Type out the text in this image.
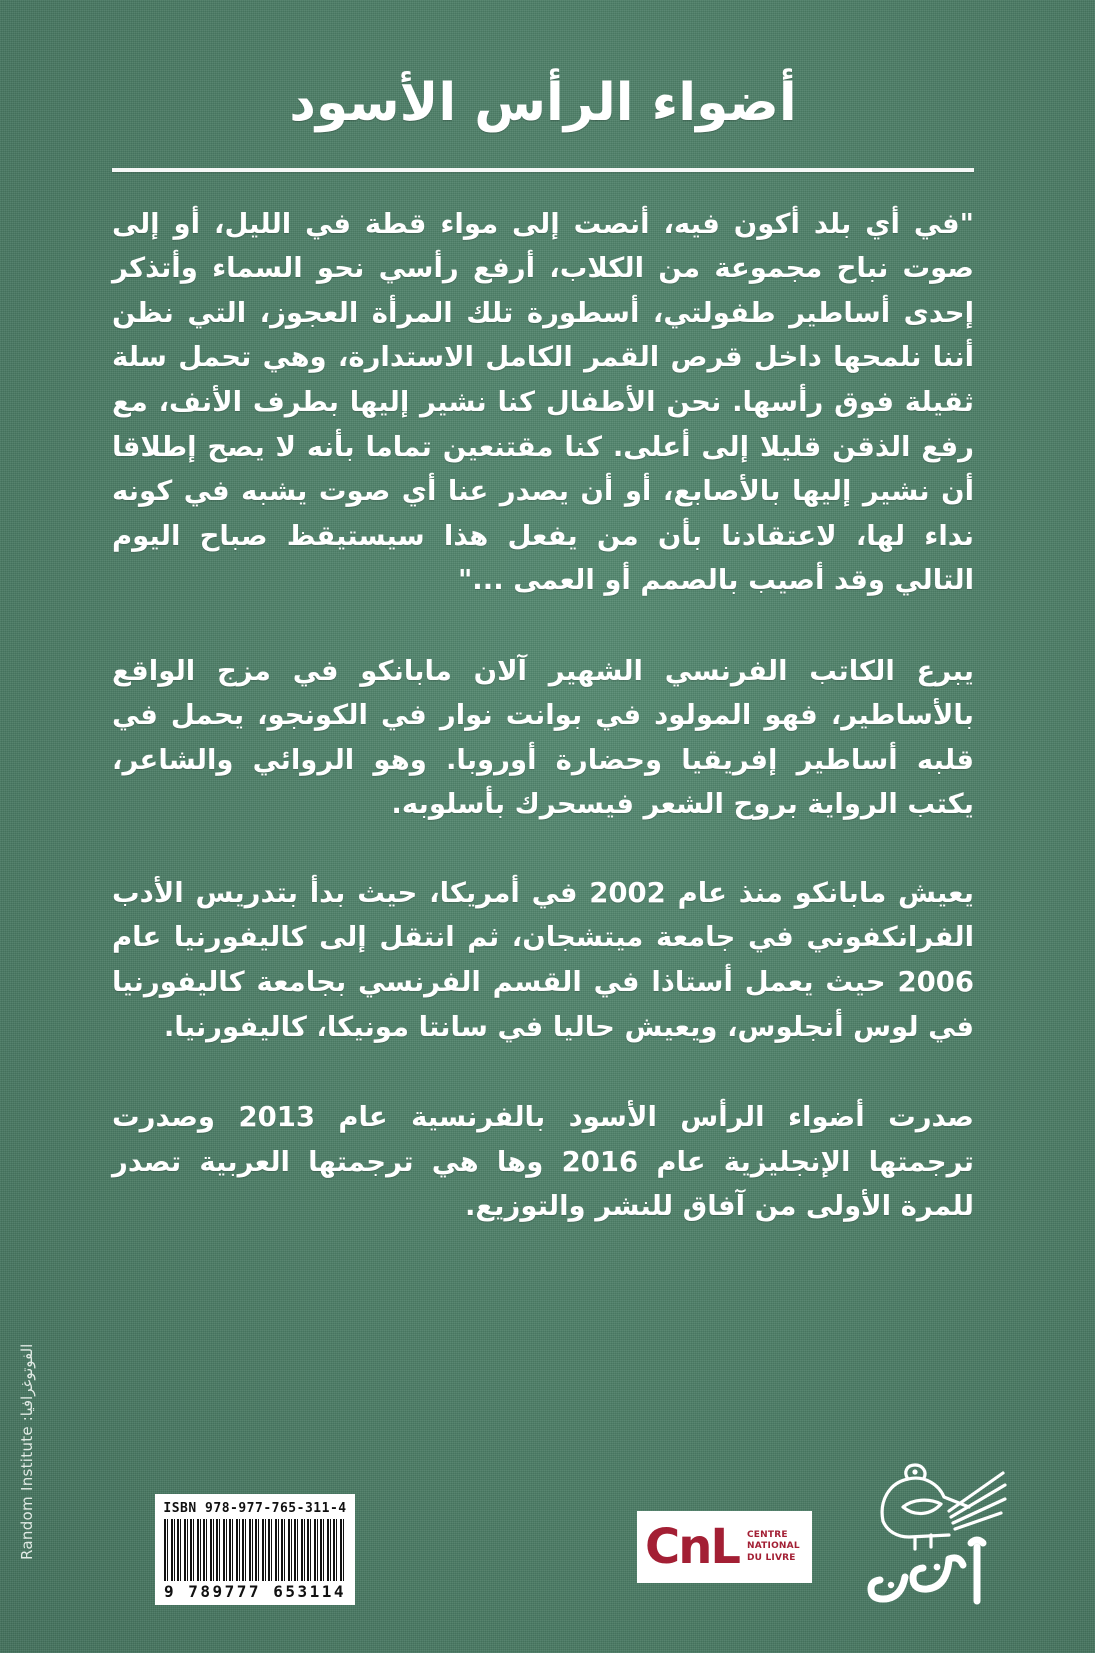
الفوتوغرافيا: Random Institute
أضواء الرأس الأسود

"في أي بلد أكون فيه، أنصت إلى مواء قطة في الليل، أو إلى صوت نباح مجموعة من الكلاب، أرفع رأسي نحو السماء وأتذكر إحدى أساطير طفولتي، أسطورة تلك المرأة العجوز، التي نظن أننا نلمحها داخل قرص القمر الكامل الاستدارة، وهي تحمل سلة ثقيلة فوق رأسها. نحن الأطفال كنا نشير إليها بطرف الأنف، مع رفع الذقن قليلا إلى أعلى. كنا مقتنعين تماما بأنه لا يصح إطلاقا أن نشير إليها بالأصابع، أو أن يصدر عنا أي صوت يشبه في كونه نداء لها، لاعتقادنا بأن من يفعل هذا سيستيقظ صباح اليوم التالي وقد أصيب بالصمم أو العمى ..."

يبرع الكاتب الفرنسي الشهير آلان مابانكو في مزج الواقع بالأساطير، فهو المولود في بوانت نوار في الكونجو، يحمل في قلبه أساطير إفريقيا وحضارة أوروبا. وهو الروائي والشاعر، يكتب الرواية بروح الشعر فيسحرك بأسلوبه.

يعيش مابانكو منذ عام 2002 في أمريكا، حيث بدأ بتدريس الأدب الفرانكفوني في جامعة ميتشجان، ثم انتقل إلى كاليفورنيا عام 2006 حيث يعمل أستاذا في القسم الفرنسي بجامعة كاليفورنيا في لوس أنجلوس، ويعيش حاليا في سانتا مونيكا، كاليفورنيا.

صدرت أضواء الرأس الأسود بالفرنسية عام 2013 وصدرت ترجمتها الإنجليزية عام 2016 وها هي ترجمتها العربية تصدر للمرة الأولى من آفاق للنشر والتوزيع.

ISBN 978-977-765-311-4
9 789777 653114
CnL CENTRE
NATIONAL
DU LIVRE
